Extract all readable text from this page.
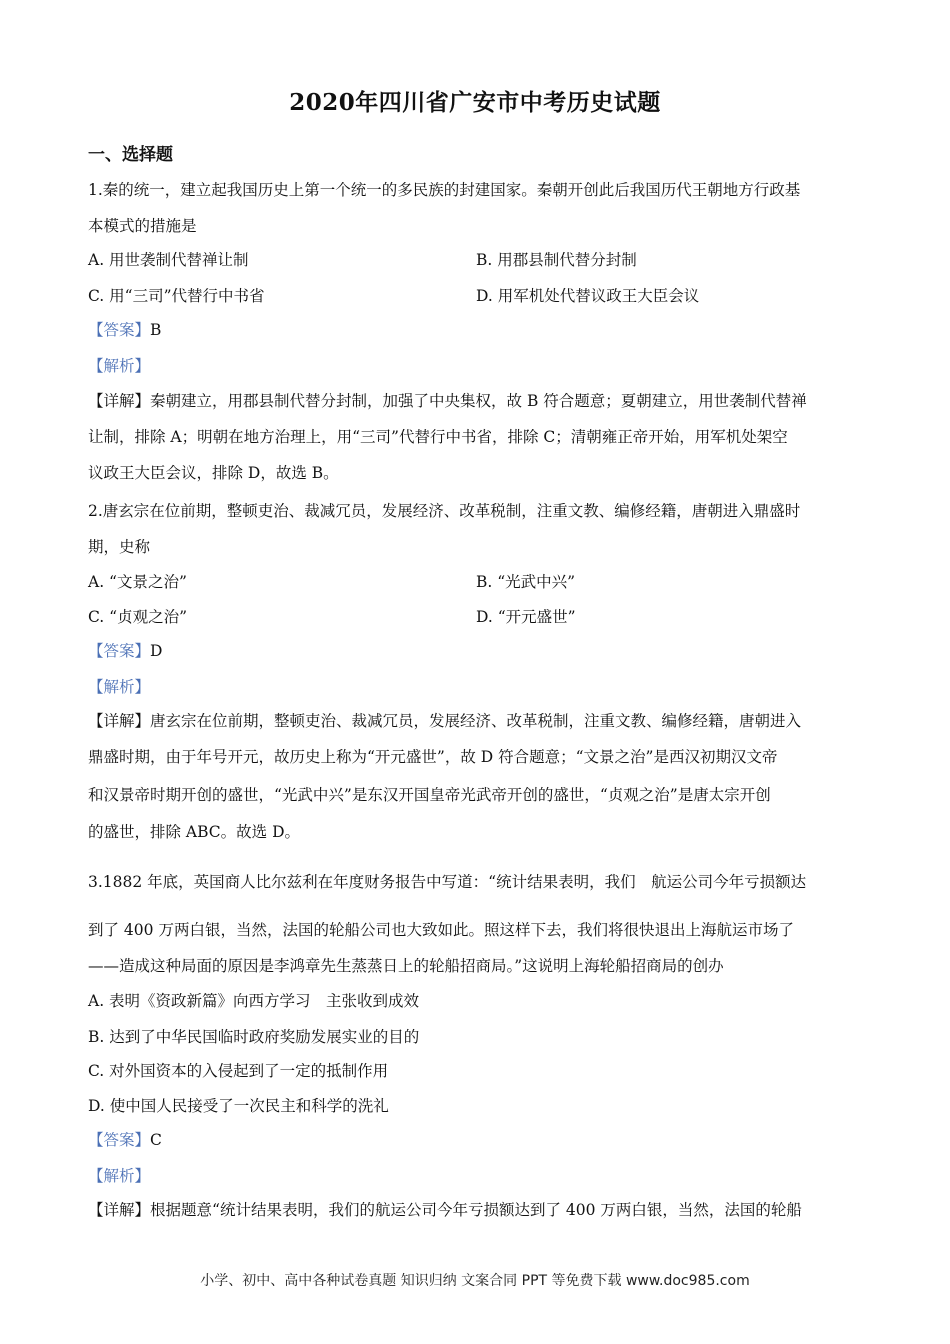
2020年四川省广安市中考历史试题
一、选择题
1.秦的统一，建立起我国历史上第一个统一的多民族的封建国家。秦朝开创此后我国历代王朝地方行政基
本模式的措施是
A. 用世袭制代替禅让制	B. 用郡县制代替分封制
C. 用“三司”代替行中书省	D. 用军机处代替议政王大臣会议
【答案】B
【解析】
【详解】秦朝建立，用郡县制代替分封制，加强了中央集权，故 B 符合题意；夏朝建立，用世袭制代替禅
让制，排除 A；明朝在地方治理上，用“三司”代替行中书省，排除 C；清朝雍正帝开始，用军机处架空
议政王大臣会议，排除 D，故选 B。
2.唐玄宗在位前期，整顿吏治、裁减冗员，发展经济、改革税制，注重文教、编修经籍，唐朝进入鼎盛时
期，史称
A. “文景之治”	B. “光武中兴”
C. “贞观之治”	D. “开元盛世”
【答案】D
【解析】
【详解】唐玄宗在位前期，整顿吏治、裁减冗员，发展经济、改革税制，注重文教、编修经籍，唐朝进入
鼎盛时期，由于年号开元，故历史上称为“开元盛世”，故 D 符合题意；“文景之治”是西汉初期汉文帝
和汉景帝时期开创的盛世，“光武中兴”是东汉开国皇帝光武帝开创的盛世，“贞观之治”是唐太宗开创
的盛世，排除 ABC。故选 D。
3.1882 年底，英国商人比尔兹利在年度财务报告中写道：“统计结果表明，我们　航运公司今年亏损额达
到了 400 万两白银，当然，法国的轮船公司也大致如此。照这样下去，我们将很快退出上海航运市场了
——造成这种局面的原因是李鸿章先生蒸蒸日上的轮船招商局。”这说明上海轮船招商局的创办
A. 表明《资政新篇》向西方学习　主张收到成效
B. 达到了中华民国临时政府奖励发展实业的目的
C. 对外国资本的入侵起到了一定的抵制作用
D. 使中国人民接受了一次民主和科学的洗礼
【答案】C
【解析】
【详解】根据题意“统计结果表明，我们的航运公司今年亏损额达到了 400 万两白银，当然，法国的轮船
小学、初中、高中各种试卷真题 知识归纳 文案合同 PPT 等免费下载 www.doc985.com
